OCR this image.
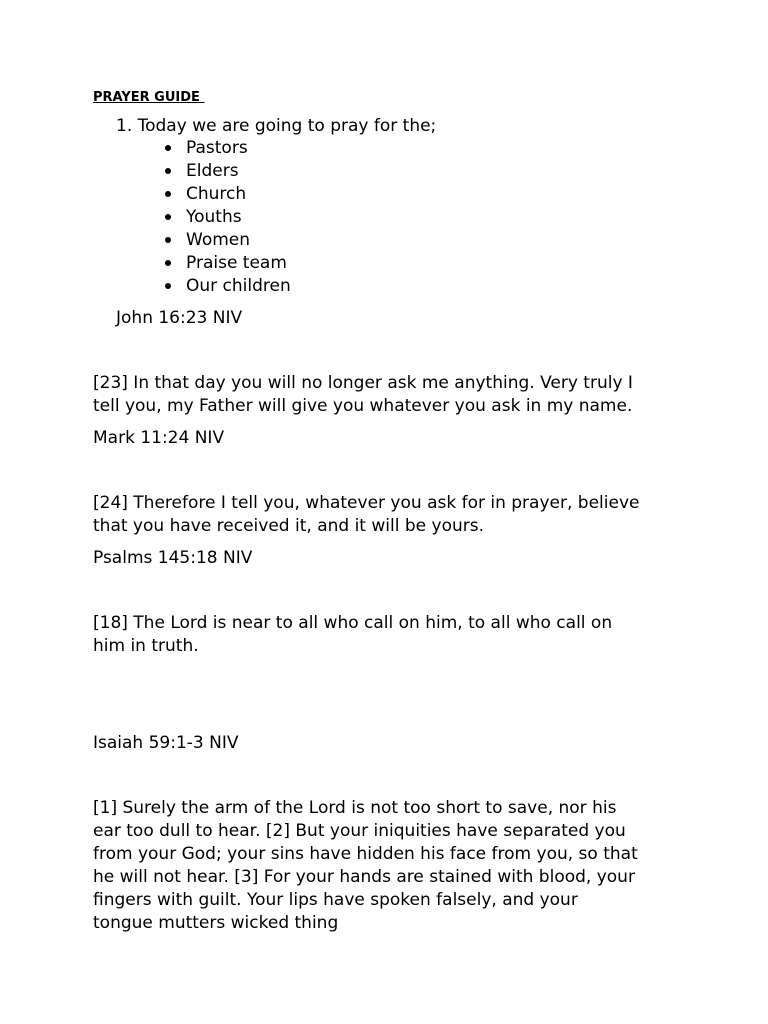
PRAYER GUIDE
1. Today we are going to pray for the;
Pastors
Elders
Church
Youths
Women
Praise team
Our children
John 16:23 NIV
[23] In that day you will no longer ask me anything. Very truly I
tell you, my Father will give you whatever you ask in my name.
Mark 11:24 NIV
[24] Therefore I tell you, whatever you ask for in prayer, believe
that you have received it, and it will be yours.
Psalms 145:18 NIV
[18] The Lord is near to all who call on him, to all who call on
him in truth.
Isaiah 59:1-3 NIV
[1] Surely the arm of the Lord is not too short to save, nor his
ear too dull to hear. [2] But your iniquities have separated you
from your God; your sins have hidden his face from you, so that
he will not hear. [3] For your hands are stained with blood, your
fingers with guilt. Your lips have spoken falsely, and your
tongue mutters wicked thing
